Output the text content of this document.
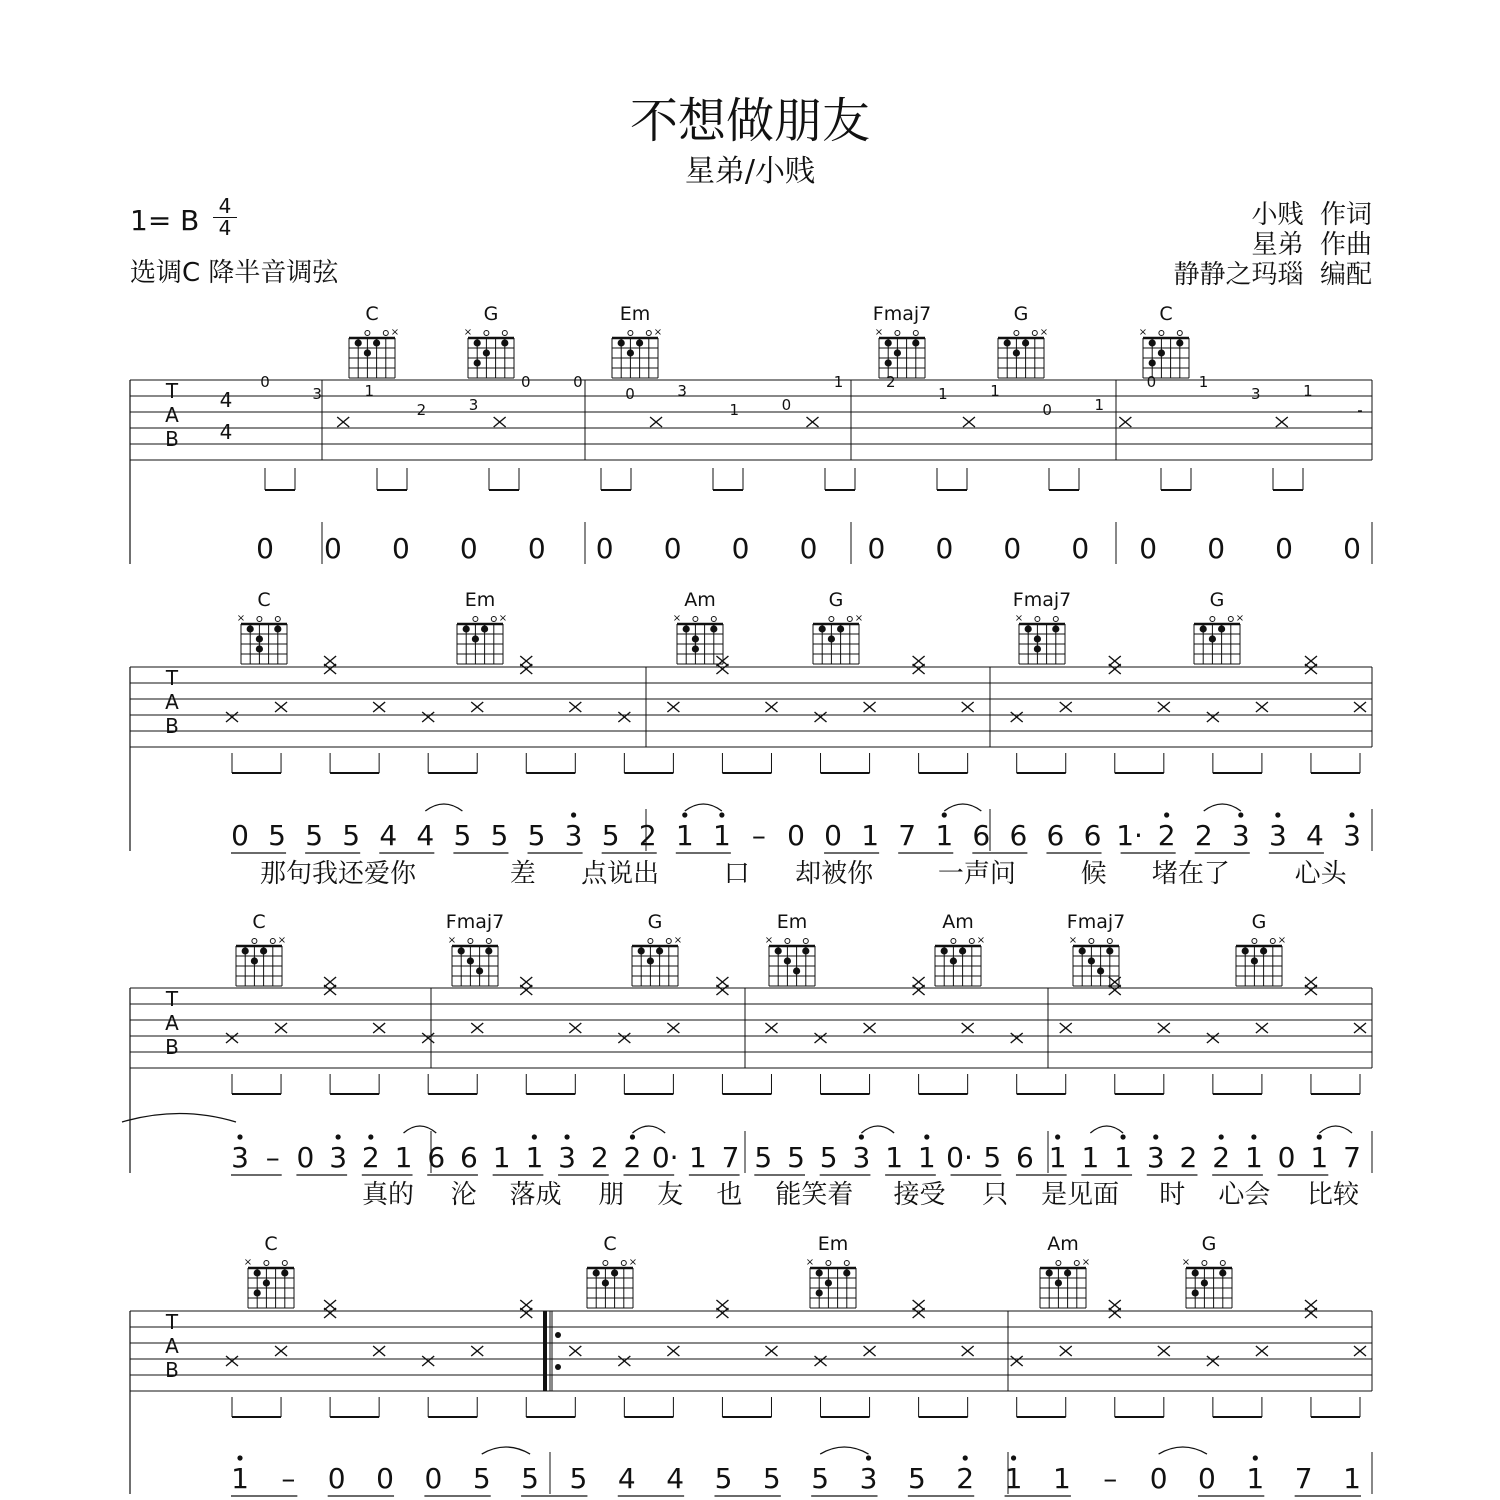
不想做朋友
星弟/小贱
1= B 4
4
选调C 降半音调弦
小贱  作词
星弟  作曲
静静之玛瑙  编配
T
A
B
C
×
G
×
Em
×
Fmaj7
×
G
×
C
×
4
4
0
3	1
2	3
0	0
0	3
1	0
1	2
1	1
0	1
0	1
3	1
-
0 0 0 0 0 0 0 0 0 0 0 0 0 0 0 0 0
T
A
B
C
×
Em
×
Am
×
G
×
Fmaj7
×
G
×
0 5 5 5 4 4 5 5 5 3 5 2 1 1 – 0 0 1 7 1 6 6 6 6 1· 2 2 3 3 4 3
那句我还爱你	差 点说出 口 却被你 一声问 候 堵在了 心头
T
A
B
C
×
Fmaj7
×
G
×
Em
×
Am
×
Fmaj7
×
G
×
3 – 0 3 2 1 6 6 1 1 3 2 2 0· 1 7 5 5 5 3 1 1 0· 5 6 1 1 1 3 2 2 1 0 1 7
真的 沦 落成 朋 友 也 能笑着 接受 只 是见面 时 心会 比较
T
A
B
C
×
C
×
Em
×
Am
×
G
×
1 – 0 0 0 5 5 5 4 4 5 5 5 3 5 2 1 1 – 0 0 1 7 1
